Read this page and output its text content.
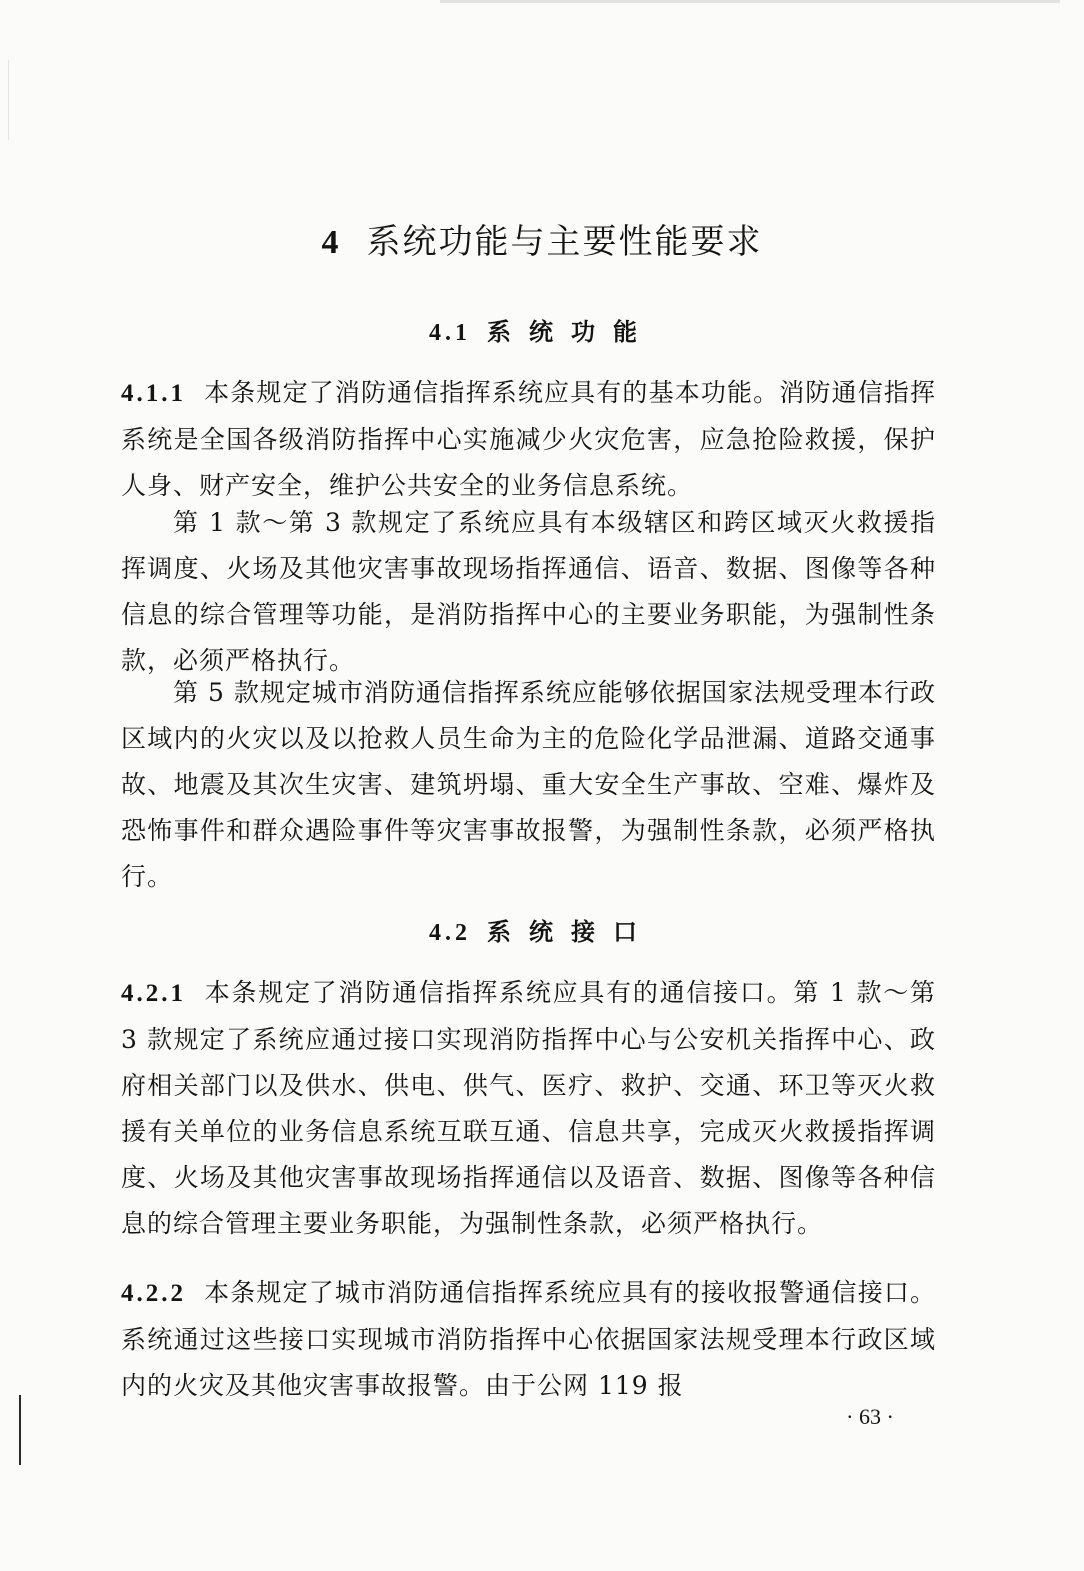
4 系统功能与主要性能要求
4.1 系统功能

4.1.1 本条规定了消防通信指挥系统应具有的基本功能。消防通信指挥系统是全国各级消防指挥中心实施减少火灾危害，应急抢险救援，保护人身、财产安全，维护公共安全的业务信息系统。

第 1 款～第 3 款规定了系统应具有本级辖区和跨区域灭火救援指挥调度、火场及其他灾害事故现场指挥通信、语音、数据、图像等各种信息的综合管理等功能，是消防指挥中心的主要业务职能，为强制性条款，必须严格执行。

第 5 款规定城市消防通信指挥系统应能够依据国家法规受理本行政区域内的火灾以及以抢救人员生命为主的危险化学品泄漏、道路交通事故、地震及其次生灾害、建筑坍塌、重大安全生产事故、空难、爆炸及恐怖事件和群众遇险事件等灾害事故报警，为强制性条款，必须严格执行。

4.2 系统接口

4.2.1 本条规定了消防通信指挥系统应具有的通信接口。第 1 款～第 3 款规定了系统应通过接口实现消防指挥中心与公安机关指挥中心、政府相关部门以及供水、供电、供气、医疗、救护、交通、环卫等灭火救援有关单位的业务信息系统互联互通、信息共享，完成灭火救援指挥调度、火场及其他灾害事故现场指挥通信以及语音、数据、图像等各种信息的综合管理主要业务职能，为强制性条款，必须严格执行。

4.2.2 本条规定了城市消防通信指挥系统应具有的接收报警通信接口。系统通过这些接口实现城市消防指挥中心依据国家法规受理本行政区域内的火灾及其他灾害事故报警。由于公网 119 报

· 63 ·
